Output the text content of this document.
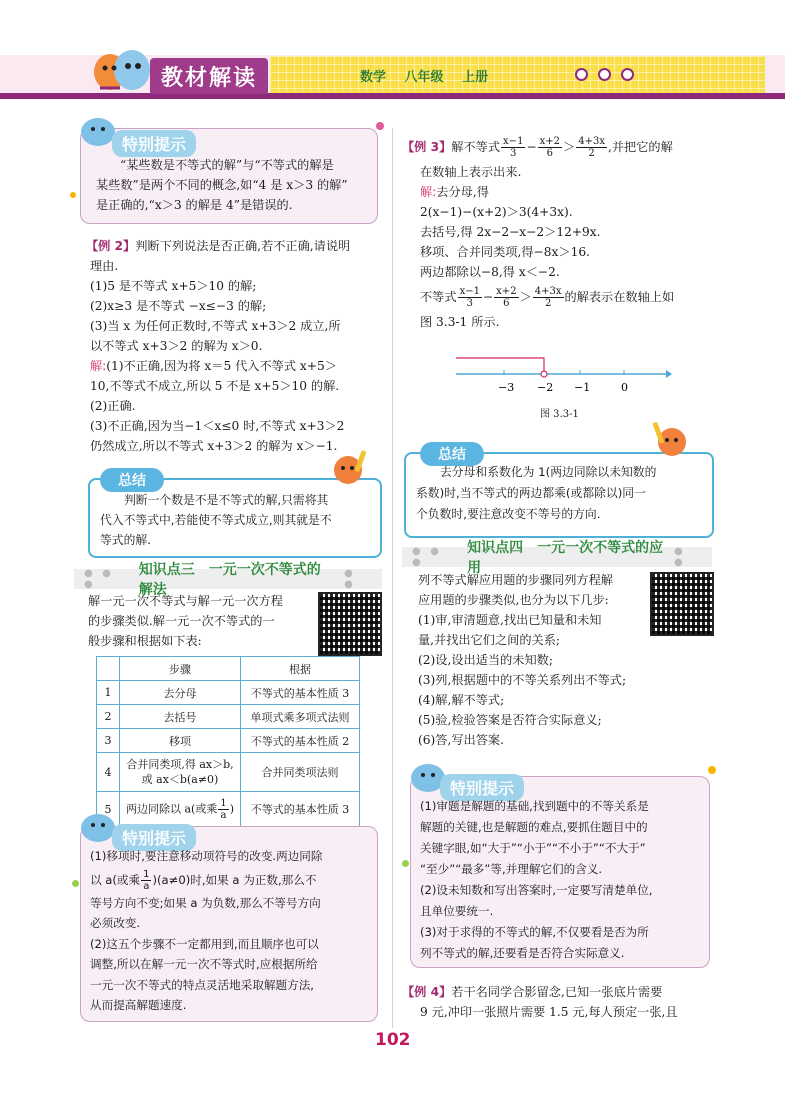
教材解读	数学 八年级 上册
特别提示

“某些数是不等式的解”与“不等式的解是

某些数”是两个不同的概念,如“4 是 x＞3 的解”

是正确的,“x＞3 的解是 4”是错误的.

【例 2】判断下列说法是否正确,若不正确,请说明

理由.

(1)5 是不等式 x+5＞10 的解;

(2)x≥3 是不等式 −x≤−3 的解;

(3)当 x 为任何正数时,不等式 x+3＞2 成立,所

以不等式 x+3＞2 的解为 x＞0.

解:(1)不正确,因为将 x＝5 代入不等式 x+5＞

10,不等式不成立,所以 5 不是 x+5＞10 的解.

(2)正确.

(3)不正确,因为当−1＜x≤0 时,不等式 x+3＞2

仍然成立,所以不等式 x+3＞2 的解为 x＞−1.

总结

判断一个数是不是不等式的解,只需将其

代入不等式中,若能使不等式成立,则其就是不

等式的解.

● ● ●
知识点三　一元一次不等式的解法
● ●

解一元一次不等式与解一元一次方程

的步骤类似.解一元一次不等式的一

般步骤和根据如下表:

	步骤	根据
1	去分母	不等式的基本性质 3
2	去括号	单项式乘多项式法则
3	移项	不等式的基本性质 2
4	合并同类项,得 ax＞b,
或 ax＜b(a≠0)	合并同类项法则
5	两边同除以 a(或乘 $\frac{1}{a}$ )	不等式的基本性质 3
特别提示

(1)移项时,要注意移动项符号的改变.两边同除

以 a(或乘 $\frac{1}{a} )(a\ne 0)$时,如果 a 为正数,那么不

等号方向不变;如果 a 为负数,那么不等号方向

必须改变.

(2)这五个步骤不一定都用到,而且顺序也可以

调整,所以在解一元一次不等式时,应根据所给

一元一次不等式的特点灵活地采取解题方法,

从而提高解题速度.

【例 3】解不等式 $\frac{x-1}{3} - \frac{x+2}{6} > \frac{4+3x}{2}$ ,并把它的解

在数轴上表示出来.

解:去分母,得

2(x−1)−(x+2)＞3(4+3x).

去括号,得 2x−2−x−2＞12+9x.

移项、合并同类项,得−8x＞16.

两边都除以−8,得 x＜−2.

不等式 $\frac{x-1}{3} - \frac{x+2}{6} > \frac{4+3x}{2}$ 的解表示在数轴上如

图 3.3-1 所示.

−3 −2 −1	0
图 3.3-1
总结

去分母和系数化为 1(两边同除以未知数的

系数)时,当不等式的两边都乘(或都除以)同一

个负数时,要注意改变不等号的方向.

● ● ●
知识点四　一元一次不等式的应用
● ●

列不等式解应用题的步骤同列方程解

应用题的步骤类似,也分为以下几步:

(1)审,审清题意,找出已知量和未知

量,并找出它们之间的关系;

(2)设,设出适当的未知数;

(3)列,根据题中的不等关系列出不等式;

(4)解,解不等式;

(5)验,检验答案是否符合实际意义;

(6)答,写出答案.

特别提示

(1)审题是解题的基础,找到题中的不等关系是

解题的关键,也是解题的难点,要抓住题目中的

关键字眼,如“大于”“小于”“不小于”“不大于”

“至少”“最多”等,并理解它们的含义.

(2)设未知数和写出答案时,一定要写清楚单位,

且单位要统一.

(3)对于求得的不等式的解,不仅要看是否为所

列不等式的解,还要看是否符合实际意义.

【例 4】若干名同学合影留念,已知一张底片需要

9 元,冲印一张照片需要 1.5 元,每人预定一张,且

102
